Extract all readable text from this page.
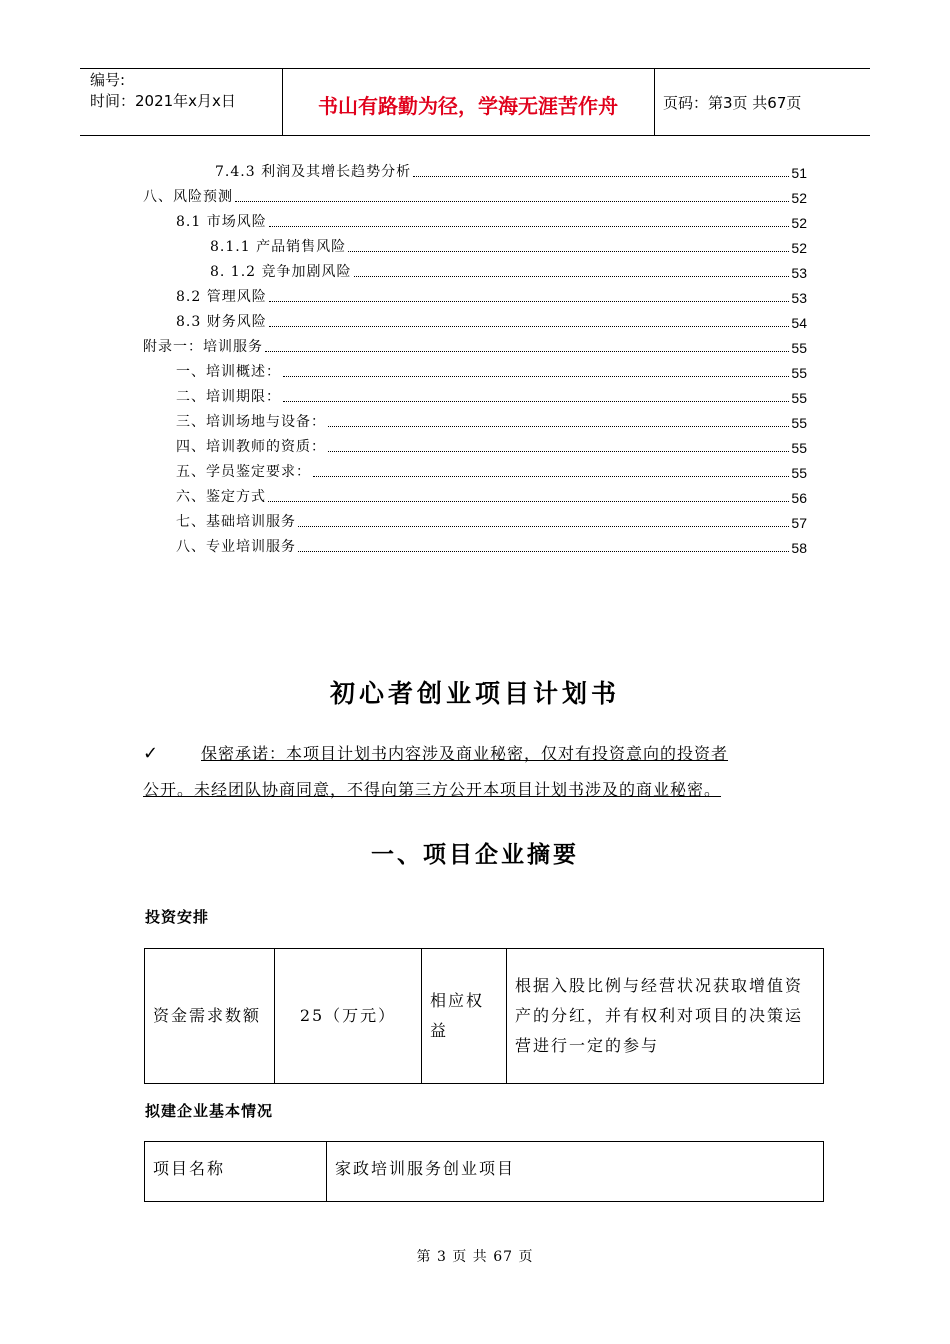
编号:
时间：2021年x月x日	书山有路勤为径，学海无涯苦作舟	页码：第3页 共67页
7.4.3 利润及其增长趋势分析	51
八、风险预测	52
8.1 市场风险	52
8.1.1 产品销售风险	52
8. 1.2 竞争加剧风险	53
8.2 管理风险	53
8.3 财务风险	54
附录一：培训服务	55
一、培训概述：	55
二、培训期限：	55
三、培训场地与设备：	55
四、培训教师的资质：	55
五、学员鉴定要求：	55
六、鉴定方式	56
七、基础培训服务	57
八、专业培训服务	58
初心者创业项目计划书
✓	保密承诺：本项目计划书内容涉及商业秘密，仅对有投资意向的投资者
公开。未经团队协商同意，不得向第三方公开本项目计划书涉及的商业秘密。
一、项目企业摘要
投资安排
资金需求数额	25（万元）	相应权益	根据入股比例与经营状况获取增值资产的分红，并有权利对项目的决策运营进行一定的参与
拟建企业基本情况
项目名称	家政培训服务创业项目
第 3 页 共 67 页
